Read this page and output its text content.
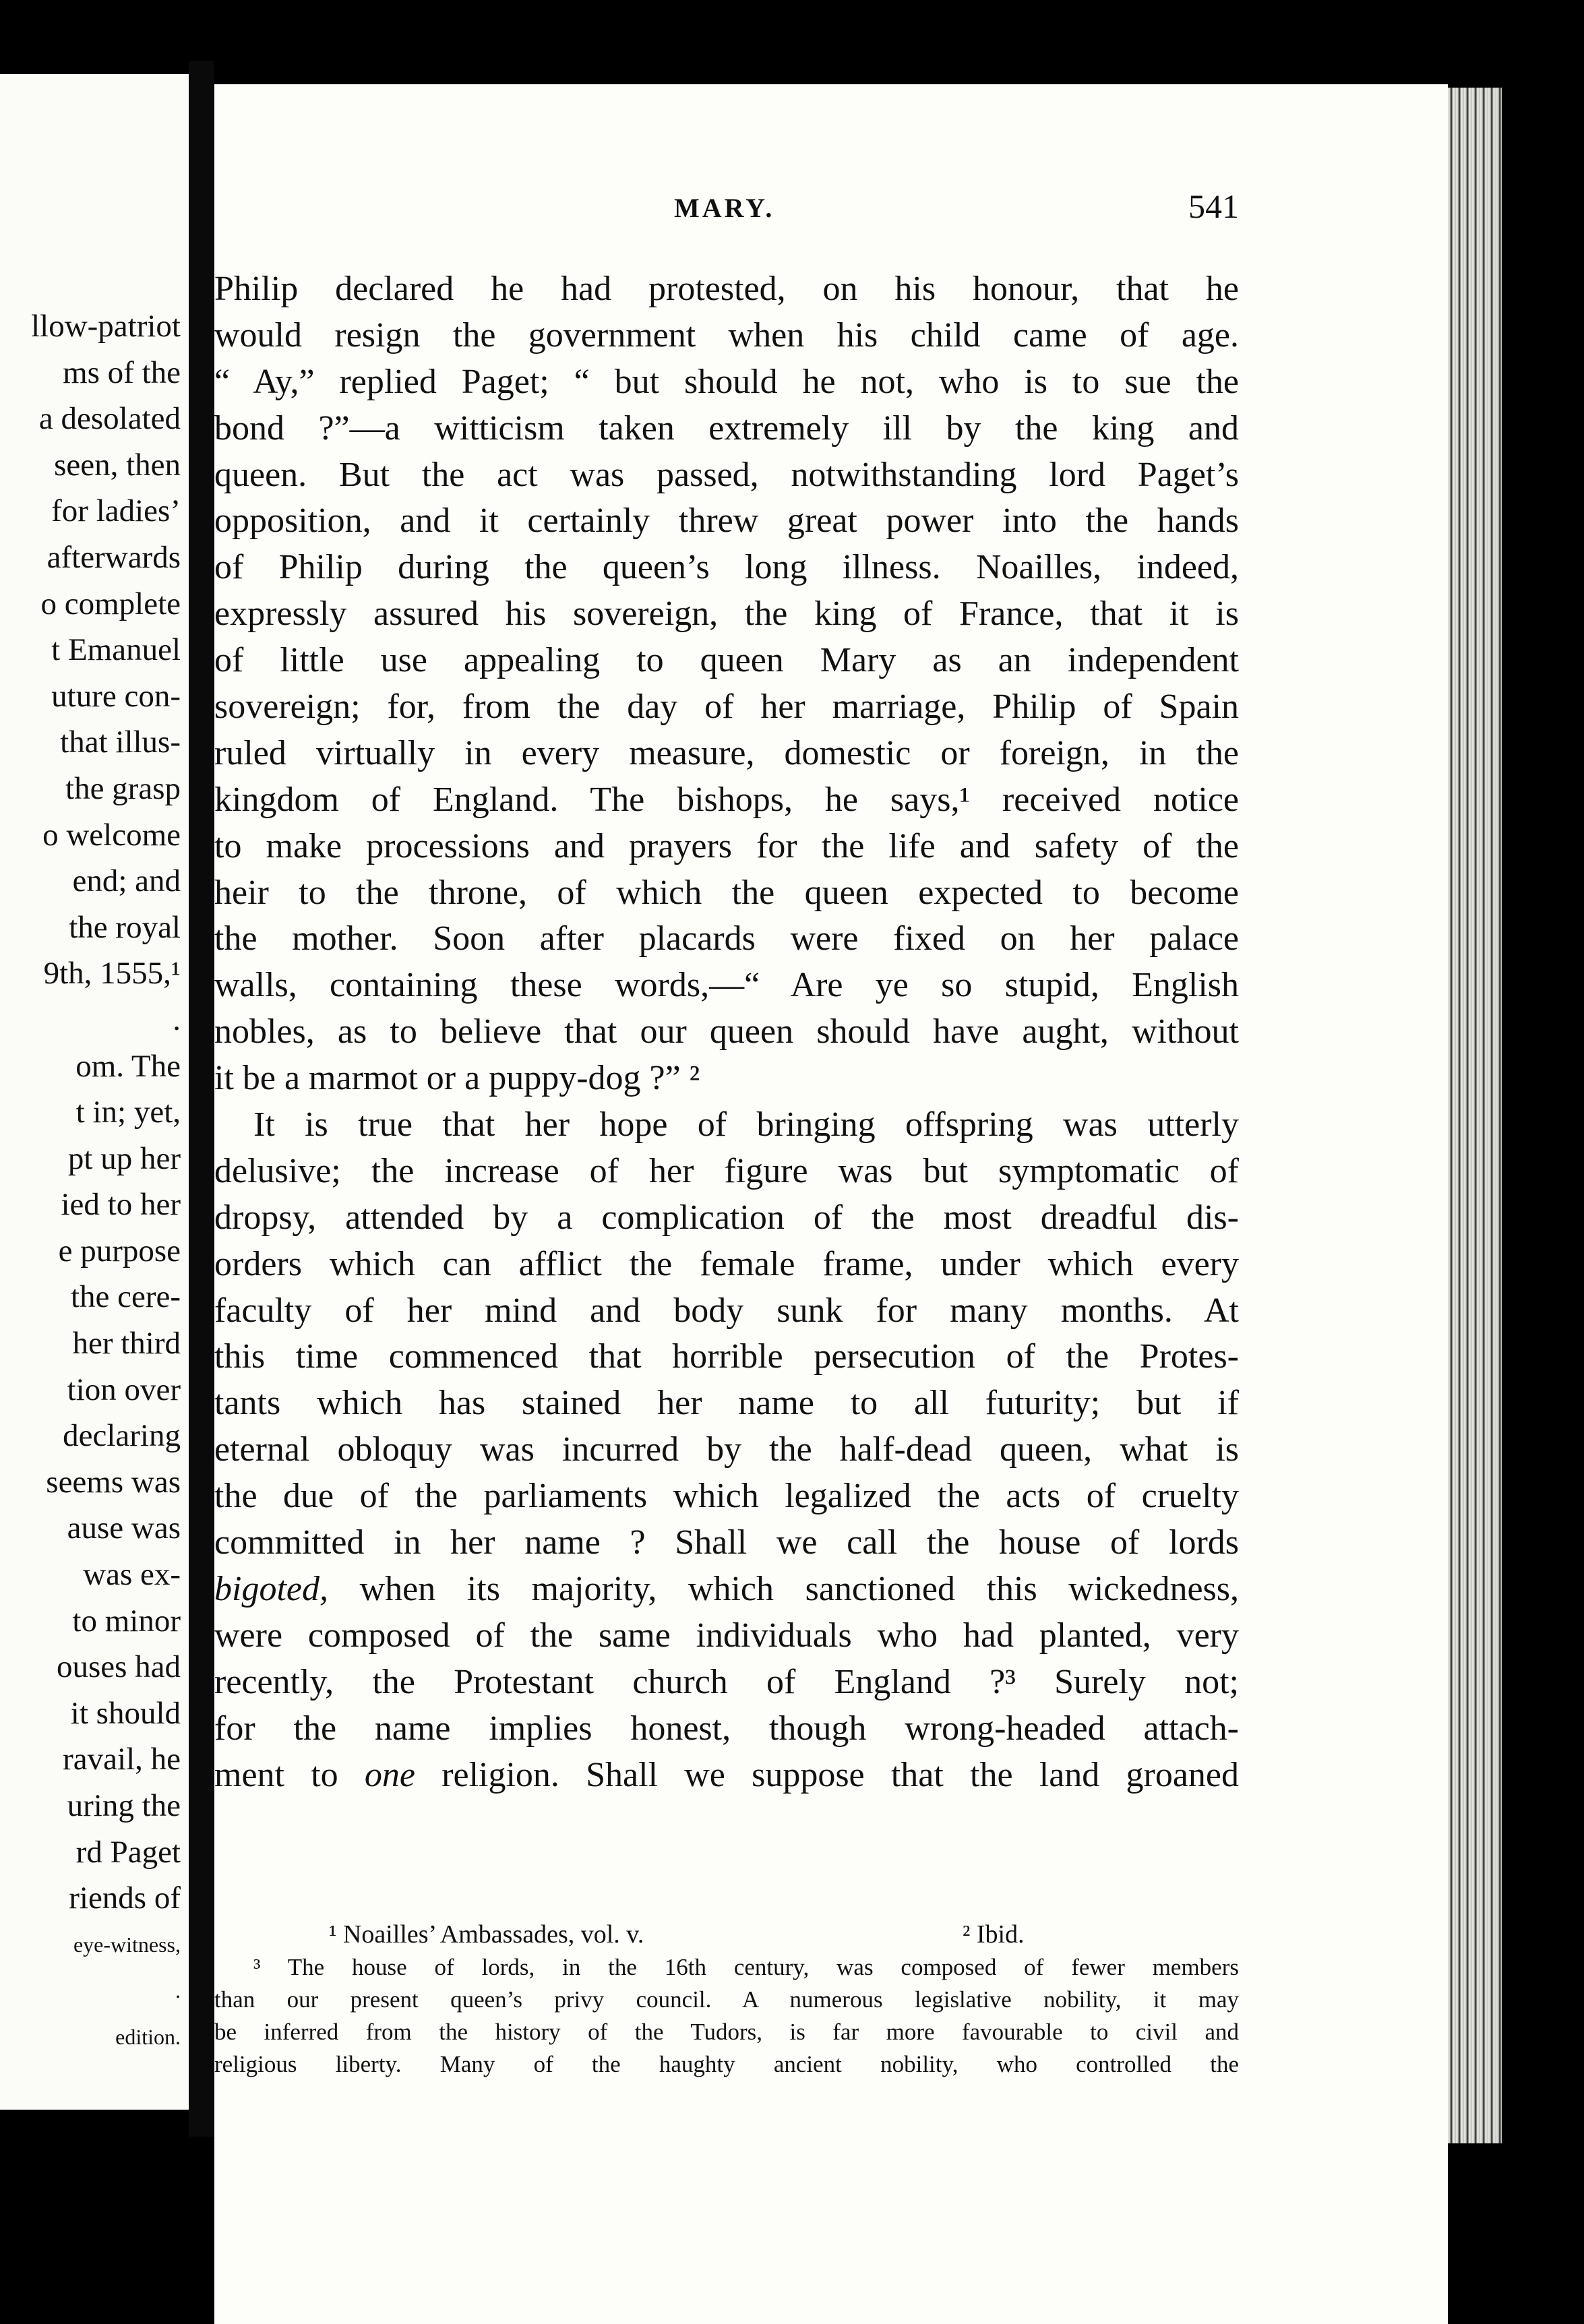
llow-patriot
ms of the
a desolated
seen, then
for ladies’
afterwards
o complete
t Emanuel
uture con-
that illus-
the grasp
o welcome
end; and
the royal
9th, 1555,¹
.
om. The
t in; yet,
pt up her
ied to her
e purpose
the cere-
her third
tion over
declaring
seems was
ause was
was ex-
to minor
ouses had
it should
ravail, he
uring the
rd Paget
riends of
eye-witness,
.
edition.
MARY.	541
Philip declared he had protested, on his honour, that he
would resign the government when his child came of age.
“ Ay,” replied Paget; “ but should he not, who is to sue the
bond ?”—a witticism taken extremely ill by the king and
queen. But the act was passed, notwithstanding lord Paget’s
opposition, and it certainly threw great power into the hands
of Philip during the queen’s long illness. Noailles, indeed,
expressly assured his sovereign, the king of France, that it is
of little use appealing to queen Mary as an independent
sovereign; for, from the day of her marriage, Philip of Spain
ruled virtually in every measure, domestic or foreign, in the
kingdom of England. The bishops, he says,¹ received notice
to make processions and prayers for the life and safety of the
heir to the throne, of which the queen expected to become
the mother. Soon after placards were fixed on her palace
walls, containing these words,—“ Are ye so stupid, English
nobles, as to believe that our queen should have aught, without
it be a marmot or a puppy-dog ?” ²
It is true that her hope of bringing offspring was utterly
delusive; the increase of her figure was but symptomatic of
dropsy, attended by a complication of the most dreadful dis-
orders which can afflict the female frame, under which every
faculty of her mind and body sunk for many months. At
this time commenced that horrible persecution of the Protes-
tants which has stained her name to all futurity; but if
eternal obloquy was incurred by the half-dead queen, what is
the due of the parliaments which legalized the acts of cruelty
committed in her name ? Shall we call the house of lords
bigoted, when its majority, which sanctioned this wickedness,
were composed of the same individuals who had planted, very
recently, the Protestant church of England ?³ Surely not;
for the name implies honest, though wrong-headed attach-
ment to one religion. Shall we suppose that the land groaned
¹ Noailles’ Ambassades, vol. v.	² Ibid.
³ The house of lords, in the 16th century, was composed of fewer members
than our present queen’s privy council. A numerous legislative nobility, it may
be inferred from the history of the Tudors, is far more favourable to civil and
religious liberty. Many of the haughty ancient nobility, who controlled the
